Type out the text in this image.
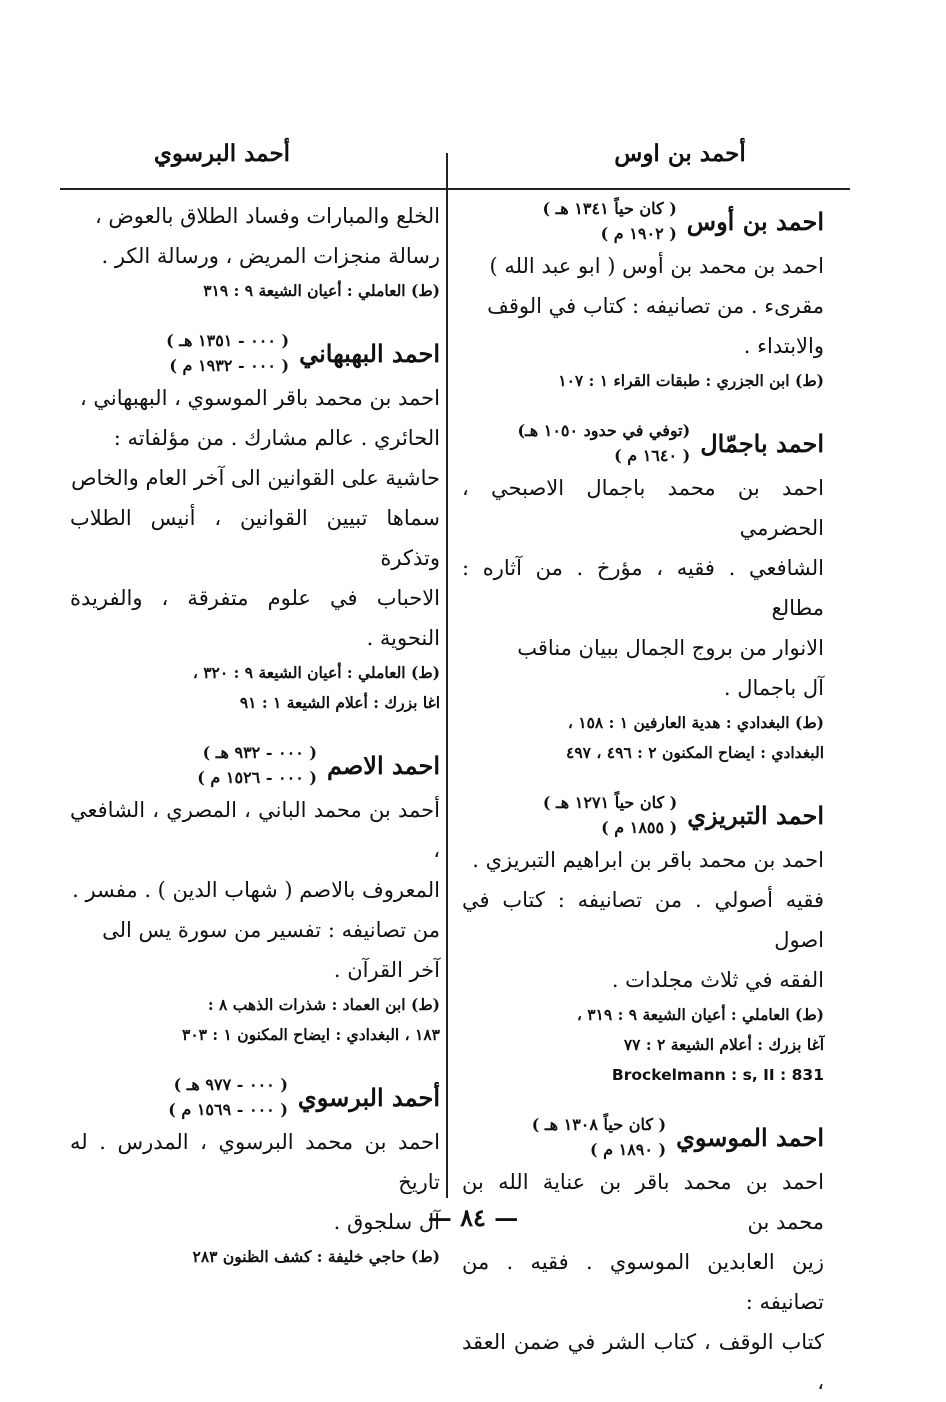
أحمد بن اوس
أحمد البرسوي
احمد بن أوس
( كان حياً ١٣٤١ هـ )
( ١٩٠٢ م )
احمد بن محمد بن أوس ( ابو عبد الله )
مقرىء . من تصانيفه : كتاب في الوقف
والابتداء .
(ط) ابن الجزري : طبقات القراء ١ : ١٠٧
احمد باجمّال
(توفي في حدود ١٠٥٠ هـ)
( ١٦٤٠ م )
احمد بن محمد باجمال الاصبحي ، الحضرمي
الشافعي . فقيه ، مؤرخ . من آثاره : مطالع
الانوار من بروج الجمال ببيان مناقب
آل باجمال .
(ط) البغدادي : هدية العارفين ١ : ١٥٨ ،
البغدادي : ايضاح المكنون ٢ : ٤٩٦ ، ٤٩٧
احمد التبريزي
( كان حياً ١٢٧١ هـ )
( ١٨٥٥ م )
احمد بن محمد باقر بن ابراهيم التبريزي .
فقيه أصولي . من تصانيفه : كتاب في اصول
الفقه في ثلاث مجلدات .
(ط) العاملي : أعيان الشيعة ٩ : ٣١٩ ،
آغا بزرك : أعلام الشيعة ٢ : ٧٧
Brockelmann : s, II : 831
احمد الموسوي
( كان حياً ١٣٠٨ هـ )
( ١٨٩٠ م )
احمد بن محمد باقر بن عناية الله بن محمد بن
زين العابدين الموسوي . فقيه . من تصانيفه :
كتاب الوقف ، كتاب الشر في ضمن العقد ،
الخلع والمبارات وفساد الطلاق بالعوض ،
رسالة منجزات المريض ، ورسالة الكر .
(ط) العاملي : أعيان الشيعة ٩ : ٣١٩
احمد البهبهاني
( ٠٠٠ - ١٣٥١ هـ )
( ٠٠٠ - ١٩٣٢ م )
احمد بن محمد باقر الموسوي ، البهبهاني ،
الحائري . عالم مشارك . من مؤلفاته :
حاشية على القوانين الى آخر العام والخاص
سماها تبيين القوانين ، أنيس الطلاب وتذكرة
الاحباب في علوم متفرقة ، والفريدة النحوية .
(ط) العاملي : أعيان الشيعة ٩ : ٣٢٠ ،
اغا بزرك : أعلام الشيعة ١ : ٩١
احمد الاصم
( ٠٠٠ - ٩٣٢ هـ )
( ٠٠٠ - ١٥٢٦ م )
أحمد بن محمد الباني ، المصري ، الشافعي ،
المعروف بالاصم ( شهاب الدين ) . مفسر .
من تصانيفه : تفسير من سورة يس الى
آخر القرآن .
(ط) ابن العماد : شذرات الذهب ٨ :
١٨٣ ، البغدادي : ايضاح المكنون ١ : ٣٠٣
أحمد البرسوي
( ٠٠٠ - ٩٧٧ هـ )
( ٠٠٠ - ١٥٦٩ م )
احمد بن محمد البرسوي ، المدرس . له تاريخ
آل سلجوق .
(ط) حاجي خليفة : كشف الظنون ٢٨٣
— ٨٤ —
